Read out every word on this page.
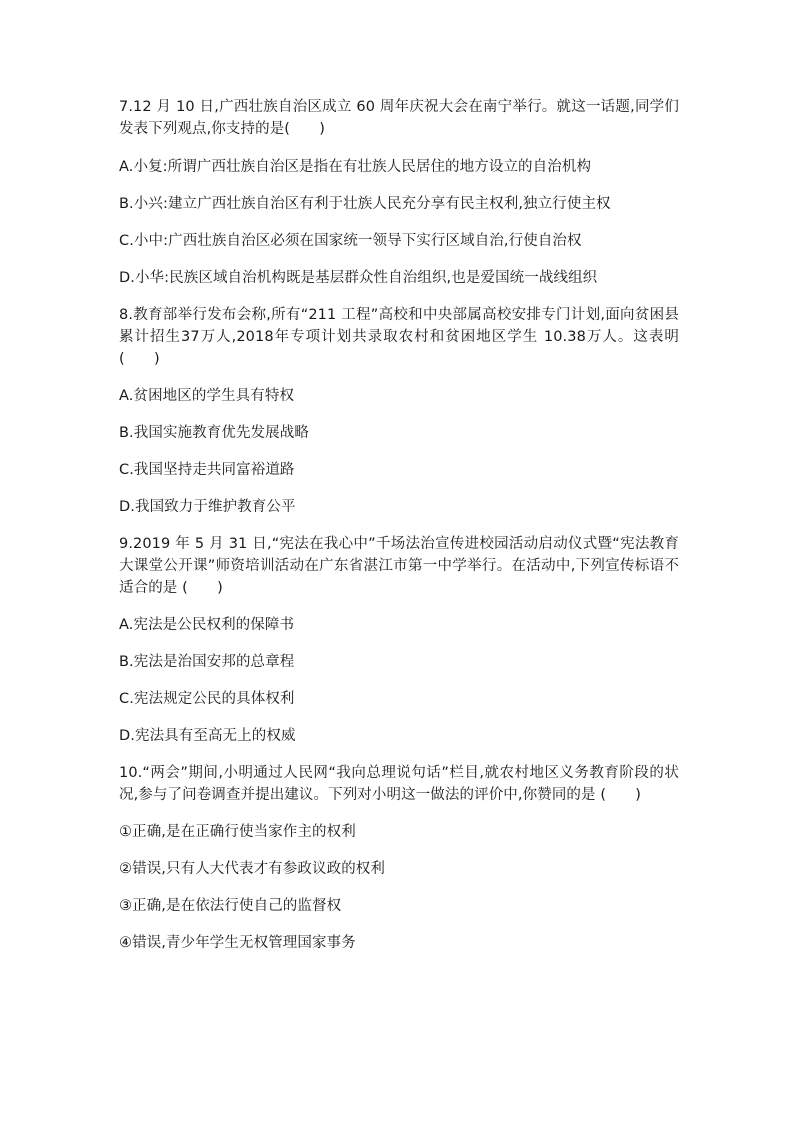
7.12 月 10 日,广西壮族自治区成立 60 周年庆祝大会在南宁举行。就这一话题,同学们发表下列观点,你支持的是(　　)

A.小复:所谓广西壮族自治区是指在有壮族人民居住的地方设立的自治机构

B.小兴:建立广西壮族自治区有利于壮族人民充分享有民主权利,独立行使主权

C.小中:广西壮族自治区必须在国家统一领导下实行区域自治,行使自治权

D.小华:民族区域自治机构既是基层群众性自治组织,也是爱国统一战线组织

8.教育部举行发布会称,所有“211 工程”高校和中央部属高校安排专门计划,面向贫困县累计招生37万人,2018年专项计划共录取农村和贫困地区学生 10.38万人。这表明 (　　)

A.贫困地区的学生具有特权

B.我国实施教育优先发展战略

C.我国坚持走共同富裕道路

D.我国致力于维护教育公平

9.2019 年 5 月 31 日,“宪法在我心中”千场法治宣传进校园活动启动仪式暨“宪法教育大课堂公开课”师资培训活动在广东省湛江市第一中学举行。在活动中,下列宣传标语不适合的是 (　　)

A.宪法是公民权利的保障书

B.宪法是治国安邦的总章程

C.宪法规定公民的具体权利

D.宪法具有至高无上的权威

10.“两会”期间,小明通过人民网“我向总理说句话”栏目,就农村地区义务教育阶段的状况,参与了问卷调查并提出建议。下列对小明这一做法的评价中,你赞同的是 (　　)

①正确,是在正确行使当家作主的权利

②错误,只有人大代表才有参政议政的权利

③正确,是在依法行使自己的监督权

④错误,青少年学生无权管理国家事务
